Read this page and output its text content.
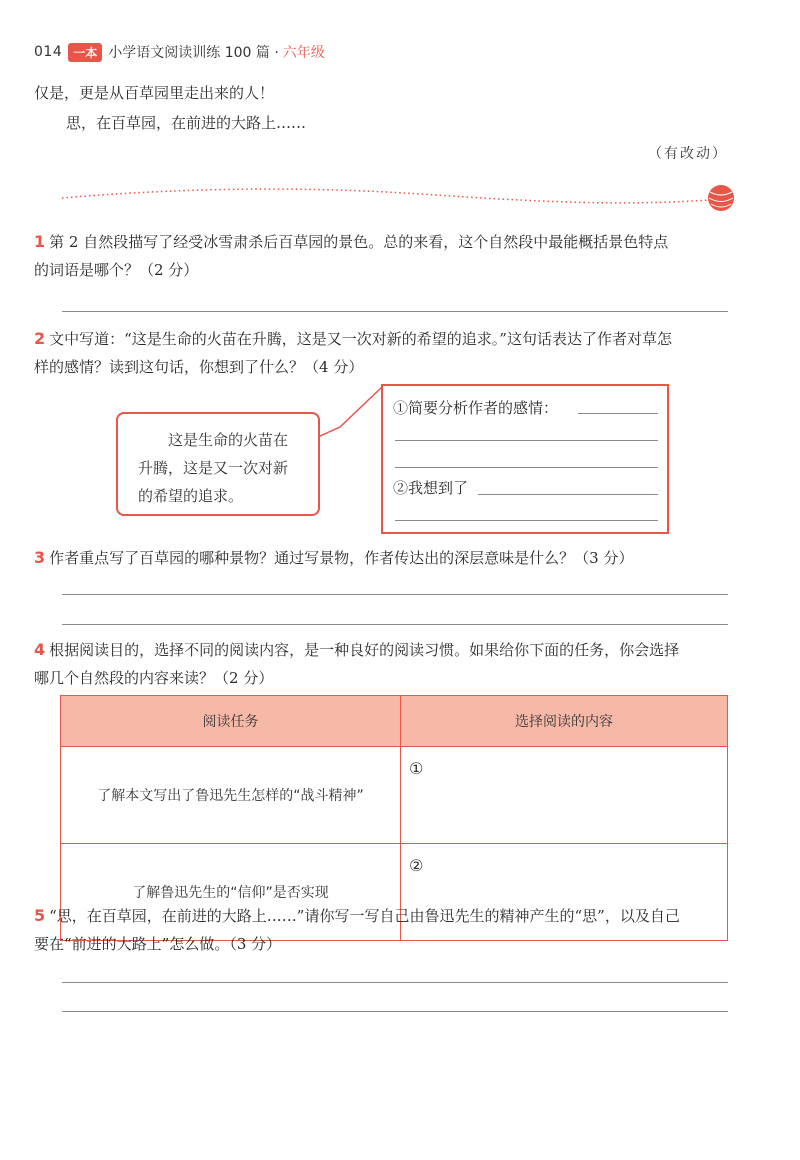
014 一本 小学语文阅读训练 100 篇 · 六年级
仅是，更是从百草园里走出来的人！
思，在百草园，在前进的大路上……
（有改动）
1 第 2 自然段描写了经受冰雪肃杀后百草园的景色。总的来看，这个自然段中最能概括景色特点
的词语是哪个？（2 分）
2 文中写道：“这是生命的火苗在升腾，这是又一次对新的希望的追求。”这句话表达了作者对草怎
样的感情？读到这句话，你想到了什么？（4 分）
这是生命的火苗在升腾，这是又一次对新的希望的追求。
①简要分析作者的感情：
②我想到了
3 作者重点写了百草园的哪种景物？通过写景物，作者传达出的深层意味是什么？（3 分）
4 根据阅读目的，选择不同的阅读内容，是一种良好的阅读习惯。如果给你下面的任务，你会选择
哪几个自然段的内容来读？（2 分）
阅读任务	选择阅读的内容
了解本文写出了鲁迅先生怎样的“战斗精神”	①
了解鲁迅先生的“信仰”是否实现	②
5 “思，在百草园，在前进的大路上……”请你写一写自己由鲁迅先生的精神产生的“思”，以及自己
要在“前进的大路上”怎么做。（3 分）
